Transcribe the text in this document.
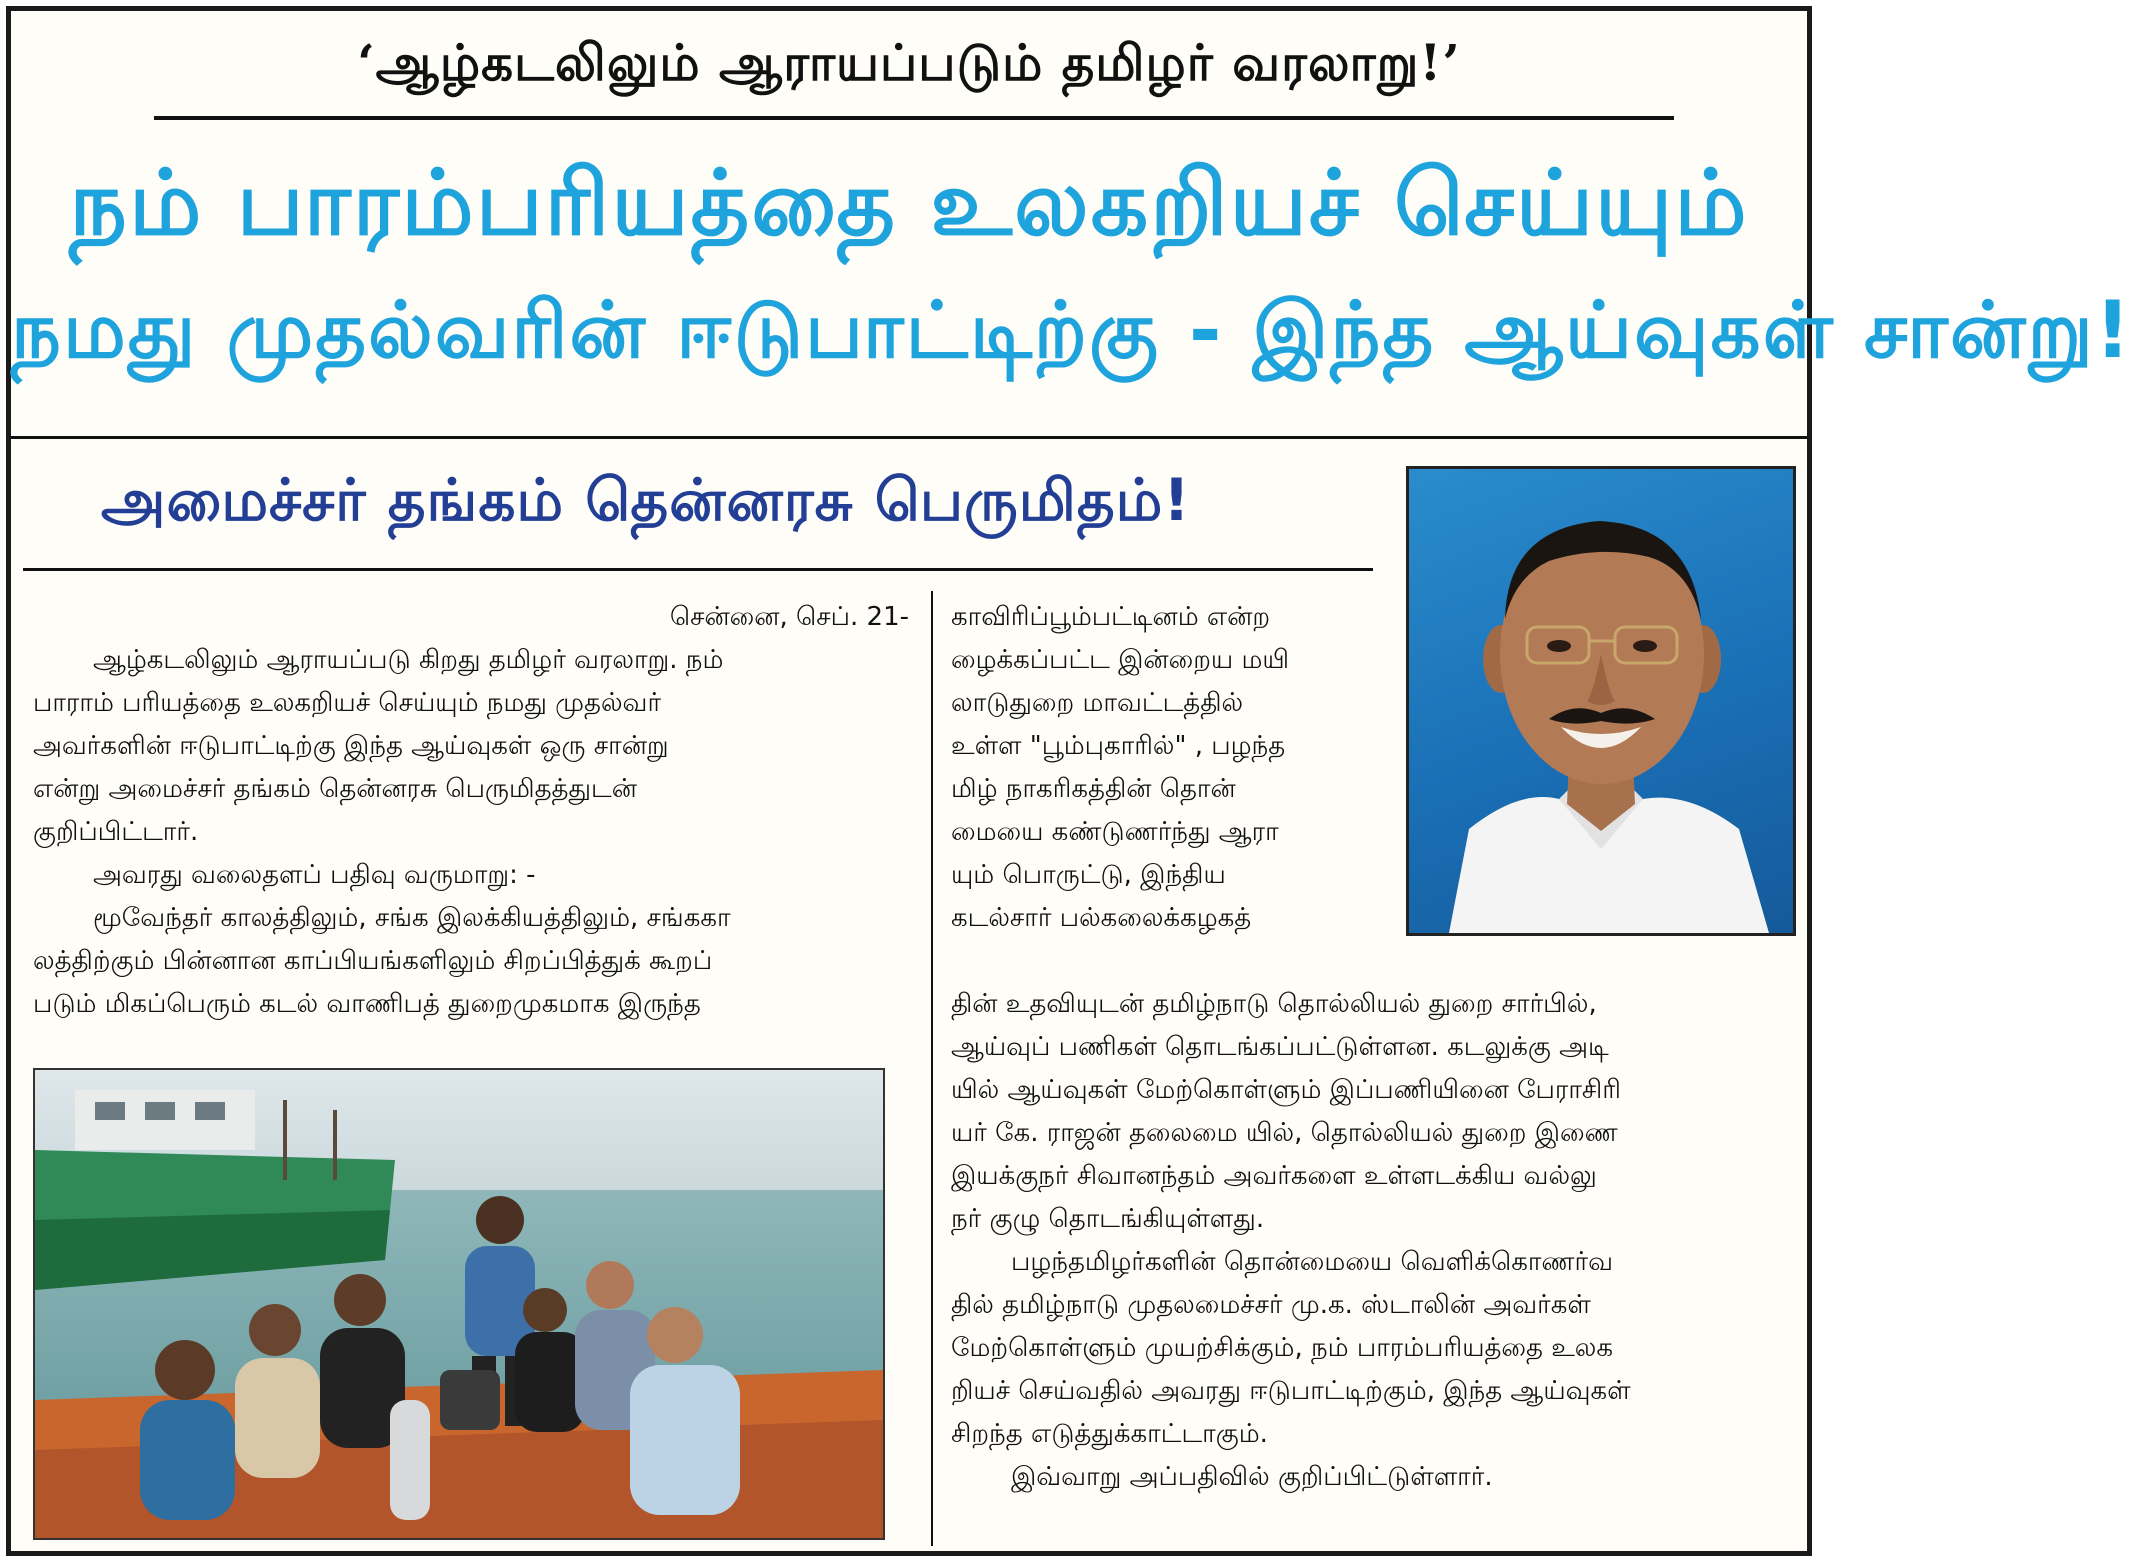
‘ஆழ்கடலிலும் ஆராயப்படும் தமிழர் வரலாறு!’
நம் பாரம்பரியத்தை உலகறியச் செய்யும்
நமது முதல்வரின் ஈடுபாட்டிற்கு - இந்த ஆய்வுகள் சான்று!
அமைச்சர் தங்கம் தென்னரசு பெருமிதம்!

சென்னை, செப். 21-

ஆழ்கடலிலும் ஆராயப்படு கிறது தமிழர் வரலாறு. நம்

பாராம் பரியத்தை உலகறியச் செய்யும் நமது முதல்வர்

அவர்களின் ஈடுபாட்டிற்கு இந்த ஆய்வுகள் ஒரு சான்று

என்று அமைச்சர் தங்கம் தென்னரசு பெருமிதத்துடன்

குறிப்பிட்டார்.

அவரது வலைதளப் பதிவு வருமாறு: -

மூவேந்தர் காலத்திலும், சங்க இலக்கியத்திலும், சங்ககா

லத்திற்கும் பின்னான காப்பியங்களிலும் சிறப்பித்துக் கூறப்

படும் மிகப்பெரும் கடல் வாணிபத் துறைமுகமாக இருந்த

காவிரிப்பூம்பட்டினம் என்ற

ழைக்கப்பட்ட இன்றைய மயி

லாடுதுறை மாவட்டத்தில்

உள்ள "பூம்புகாரில்" , பழந்த

மிழ் நாகரிகத்தின் தொன்

மையை கண்டுணர்ந்து ஆரா

யும் பொருட்டு, இந்திய

கடல்சார் பல்கலைக்கழகத்

தின் உதவியுடன் தமிழ்நாடு தொல்லியல் துறை சார்பில்,

ஆய்வுப் பணிகள் தொடங்கப்பட்டுள்ளன. கடலுக்கு அடி

யில் ஆய்வுகள் மேற்கொள்ளும் இப்பணியினை பேராசிரி

யர் கே. ராஜன் தலைமை யில், தொல்லியல் துறை இணை

இயக்குநர் சிவானந்தம் அவர்களை உள்ளடக்கிய வல்லு

நர் குழு தொடங்கியுள்ளது.

பழந்தமிழர்களின் தொன்மையை வெளிக்கொணர்வ

தில் தமிழ்நாடு முதலமைச்சர் மு.க. ஸ்டாலின் அவர்கள்

மேற்கொள்ளும் முயற்சிக்கும், நம் பாரம்பரியத்தை உலக

றியச் செய்வதில் அவரது ஈடுபாட்டிற்கும், இந்த ஆய்வுகள்

சிறந்த எடுத்துக்காட்டாகும்.

இவ்வாறு அப்பதிவில் குறிப்பிட்டுள்ளார்.
